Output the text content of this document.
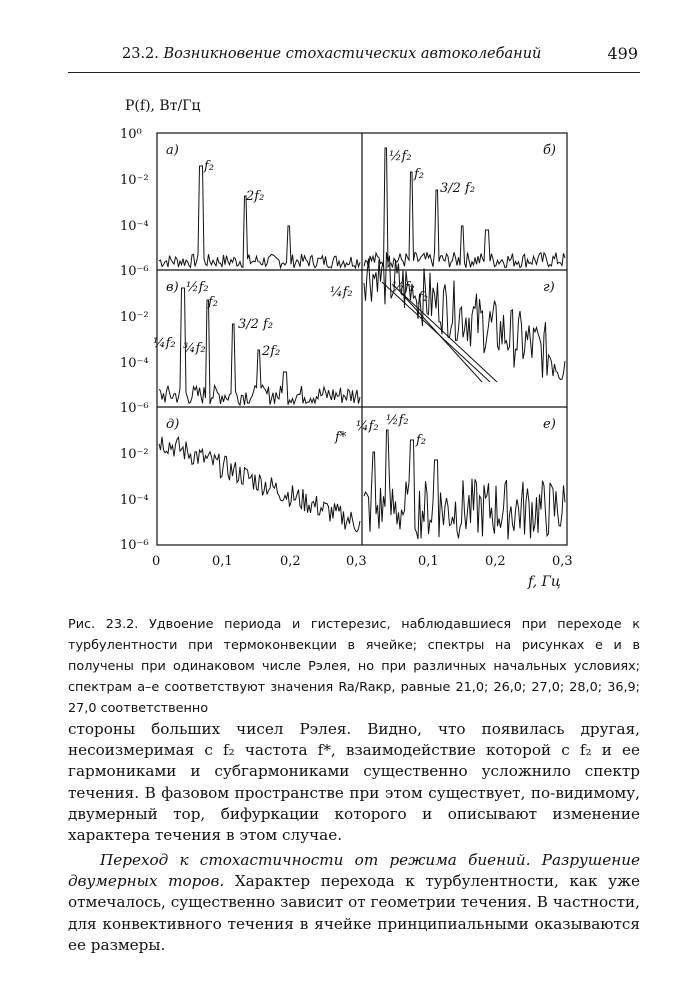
23.2. Возникновение стохастических автоколебаний	499
P(f), Вт/Гц
10⁰
10⁻²
10⁻⁴
10⁻⁶
10⁻²
10⁻⁴
10⁻⁶
10⁻²
10⁻⁴
10⁻⁶
0	0,1	0,2	0,3	0,1	0,2	0,3
f, Гц
а)	б)
в)	г)
д)	е)
f₂
2f₂
½f₂
f₂
3/2 f₂
½f₂
f₂
3/2 f₂
2f₂
¼f₂ ¾f₂
¼f₂	½f₂
f₂
f*
¼f₂ ½f₂
f₂
Рис. 23.2. Удвоение периода и гистерезис, наблюдавшиеся при переходе к турбулентности при термоконвекции в ячейке; спектры на рисунках е и в получены при одинаковом числе Рэлея, но при различных начальных условиях; спектрам а–е соответствуют значения Ra/Raкр, равные 21,0; 26,0; 27,0; 28,0; 36,9; 27,0 соответственно
стороны больших чисел Рэлея. Видно, что появилась другая, несоизмеримая с f₂ частота f*, взаимодействие которой с f₂ и ее гармониками и субгармониками существенно усложнило спектр течения. В фазовом пространстве при этом существует, по-видимому, двумерный тор, бифуркации которого и описывают изменение характера течения в этом случае.
Переход к стохастичности от режима биений. Разрушение двумерных торов. Характер перехода к турбулентности, как уже отмечалось, существенно зависит от геометрии течения. В частности, для конвективного течения в ячейке принципиальными оказываются ее размеры.
